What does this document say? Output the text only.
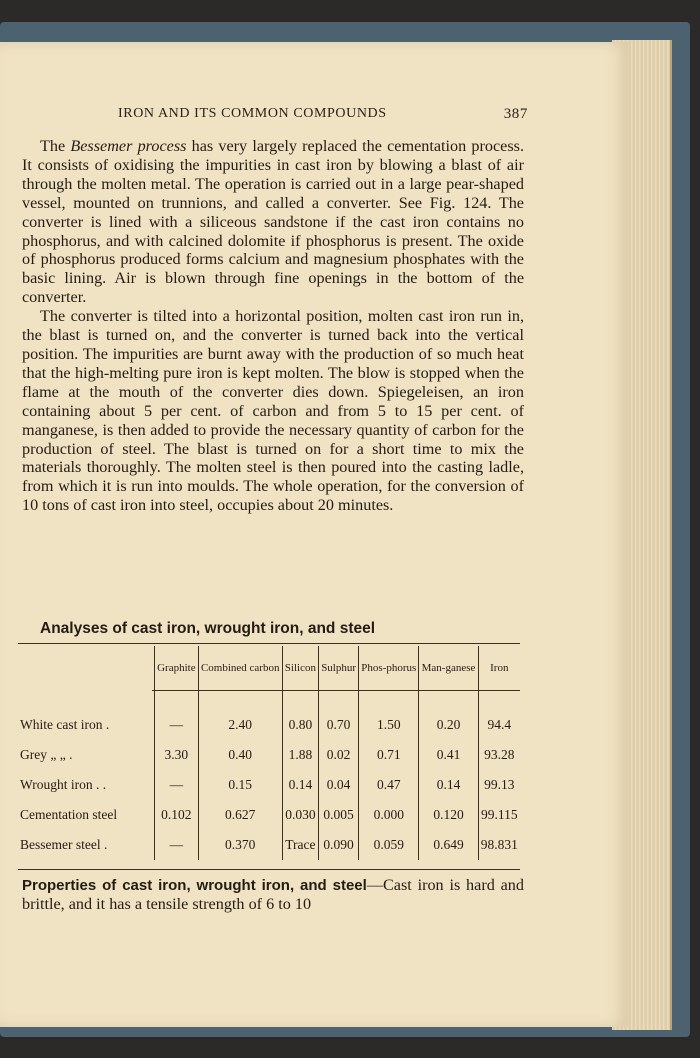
IRON AND ITS COMMON COMPOUNDS	387

The Bessemer process has very largely replaced the cementation process. It consists of oxidising the impurities in cast iron by blowing a blast of air through the molten metal. The operation is carried out in a large pear-shaped vessel, mounted on trunnions, and called a converter. See Fig. 124. The converter is lined with a siliceous sandstone if the cast iron contains no phosphorus, and with calcined dolomite if phosphorus is present. The oxide of phosphorus produced forms calcium and magnesium phosphates with the basic lining. Air is blown through fine openings in the bottom of the converter.

The converter is tilted into a horizontal position, molten cast iron run in, the blast is turned on, and the converter is turned back into the vertical position. The impurities are burnt away with the production of so much heat that the high-melting pure iron is kept molten. The blow is stopped when the flame at the mouth of the converter dies down. Spiegeleisen, an iron containing about 5 per cent. of carbon and from 5 to 15 per cent. of manganese, is then added to provide the necessary quantity of carbon for the production of steel. The blast is turned on for a short time to mix the materials thoroughly. The molten steel is then poured into the casting ladle, from which it is run into moulds. The whole operation, for the conversion of 10 tons of cast iron into steel, occupies about 20 minutes.

Analyses of cast iron, wrought iron, and steel
	Graphite	Combined carbon	Silicon	Sulphur	Phos-phorus	Man-ganese	Iron

White cast iron .	—	2.40	0.80	0.70	1.50	0.20	94.4
Grey „ „ .	3.30	0.40	1.88	0.02	0.71	0.41	93.28
Wrought iron . .	—	0.15	0.14	0.04	0.47	0.14	99.13
Cementation steel	0.102	0.627	0.030	0.005	0.000	0.120	99.115
Bessemer steel .	—	0.370	Trace	0.090	0.059	0.649	98.831
Properties of cast iron, wrought iron, and steel—Cast iron is hard and brittle, and it has a tensile strength of 6 to 10
